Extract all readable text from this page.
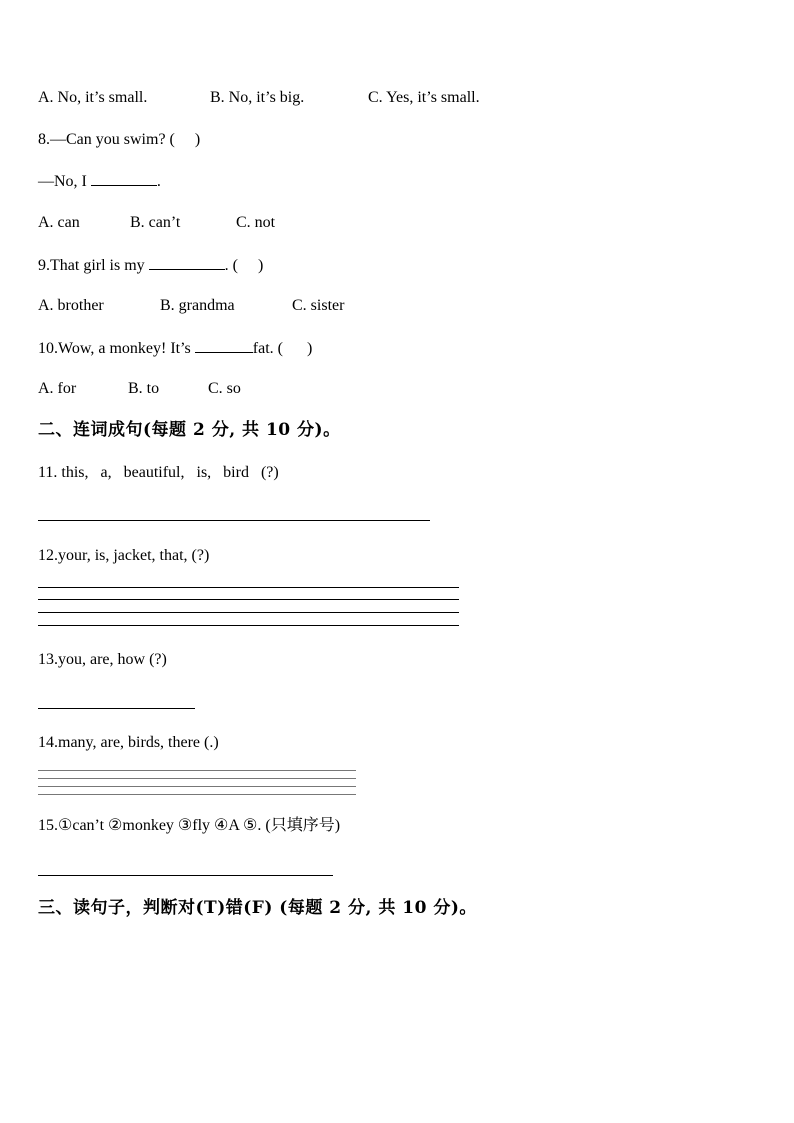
A. No, it’s small.	B. No, it’s big.	C. Yes, it’s small.
8.—Can you swim? (     )
—No, I	.
A. can	B. can’t	C. not
9.That girl is my	. (     )
A. brother	B. grandma	C. sister
10.Wow, a monkey! It’s	fat. (      )
A. for	B. to	C. so
二、连词成句(每题 2 分, 共 10 分)。
11. this,   a,   beautiful,   is,   bird   (?)
12.your, is, jacket, that, (?)
13.you, are, how (?)
14.many, are, birds, there (.)
15.①can’t ②monkey ③fly ④A ⑤. (只填序号)
三、读句子，判断对(T)错(F) (每题 2 分, 共 10 分)。
